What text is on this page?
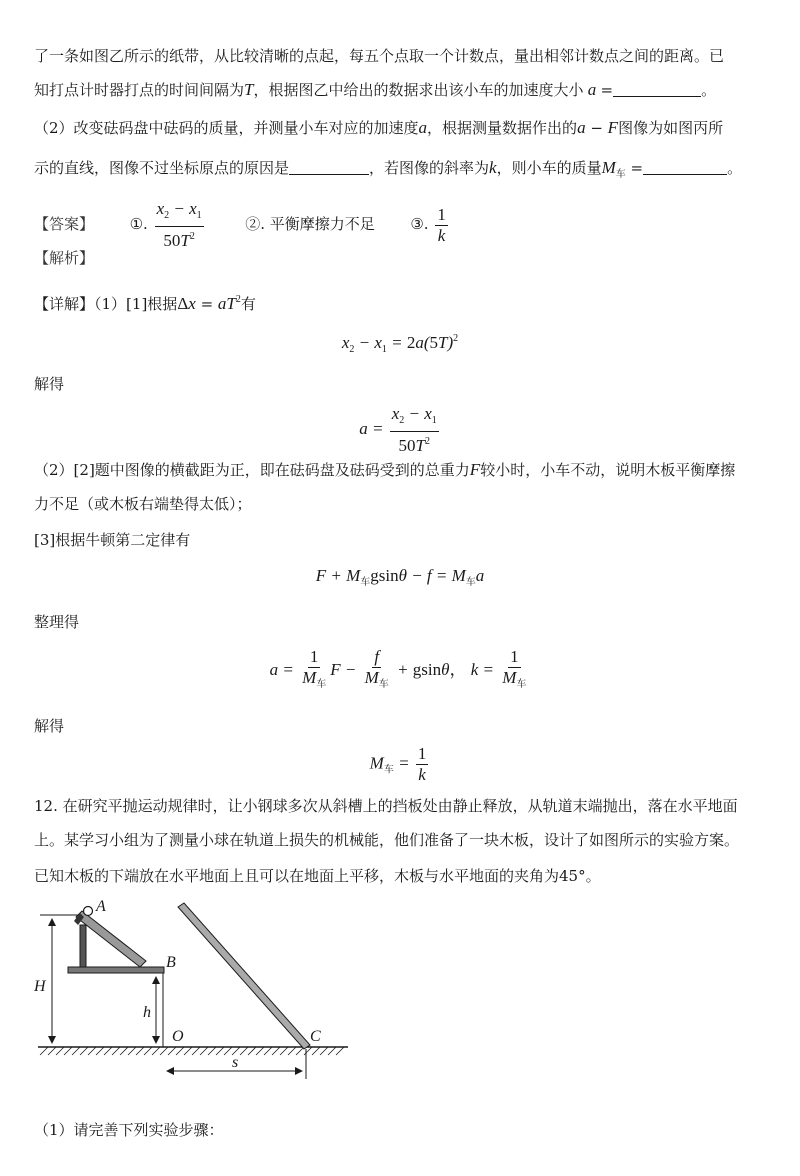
了一条如图乙所示的纸带，从比较清晰的点起，每五个点取一个计数点，量出相邻计数点之间的距离。已
知打点计时器打点的时间间隔为T，根据图乙中给出的数据求出该小车的加速度大小 a =	。
（2）改变砝码盘中砝码的质量，并测量小车对应的加速度a，根据测量数据作出的a − F图像为如图丙所
示的直线，图像不过坐标原点的原因是	，若图像的斜率为k，则小车的质量$M_车$ =	。
【答案】 ①. $\frac{x_2 - x_1}{50T^2}$	②. 平衡摩擦力不足 ③. $\frac{1}{k}$
【解析】
【详解】（1）[1]根据$\Delta x = aT^2$有
$x_2 - x_1 = 2a(5T)^2$
解得
$a = \frac{x_2 - x_1}{50T^2}$
（2）[2]题中图像的横截距为正，即在砝码盘及砝码受到的总重力F较小时，小车不动，说明木板平衡摩擦
力不足（或木板右端垫得太低）；
[3]根据牛顿第二定律有
$F + M_车gsin\theta - f = M_车a$
整理得
$a = \frac{1}{M_车}$ $F - \frac{f}{M_车} + gsin\theta$， $k = \frac{1}{M_车}$
解得
$M_车 = \frac{1}{k}$
12. 在研究平抛运动规律时，让小钢球多次从斜槽上的挡板处由静止释放，从轨道末端抛出，落在水平地面
上。某学习小组为了测量小球在轨道上损失的机械能，他们准备了一块木板，设计了如图所示的实验方案。
已知木板的下端放在水平地面上且可以在地面上平移，木板与水平地面的夹角为45°。
A
B
H
h
O	C
s
（1）请完善下列实验步骤：
